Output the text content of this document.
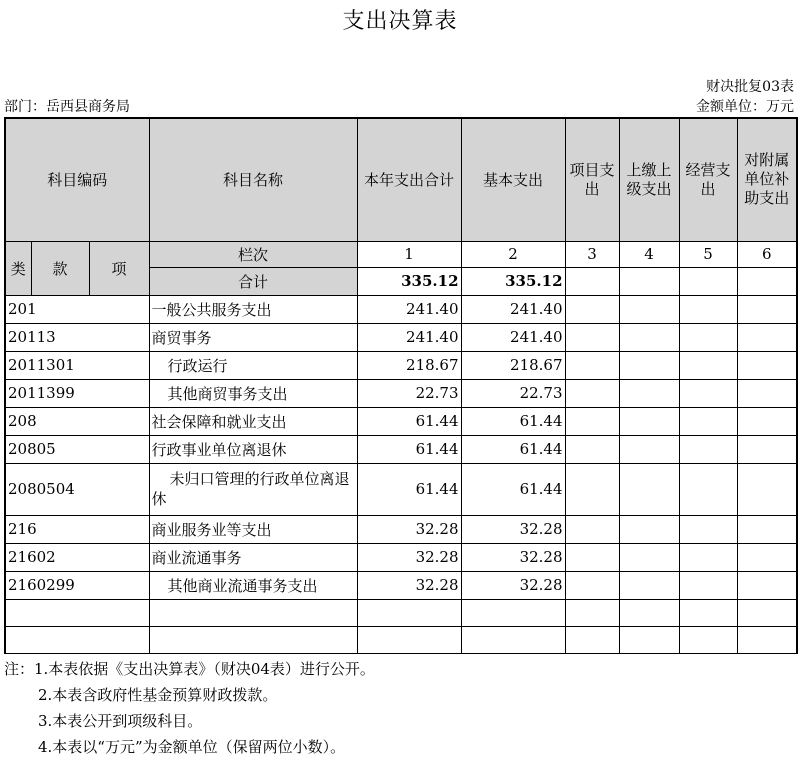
支出决算表
财决批复03表
部门：岳西县商务局	金额单位：万元
科目编码			科目名称	本年支出合计	基本支出	项目支出	上缴上级支出	经营支出	对附属单位补助支出
类	款	项	栏次	1	2	3	4	5	6
			合计	335.12	335.12				
201			一般公共服务支出	241.40	241.40				
20113			商贸事务	241.40	241.40				
2011301			行政运行	218.67	218.67				
2011399			其他商贸事务支出	22.73	22.73				
208			社会保障和就业支出	61.44	61.44				
20805			行政事业单位离退休	61.44	61.44				
2080504			未归口管理的行政单位离退休	61.44	61.44				
216			商业服务业等支出	32.28	32.28				
21602			商业流通事务	32.28	32.28				
2160299			其他商业流通事务支出	32.28	32.28				

注：1.本表依据《支出决算表》（财决04表）进行公开。
2.本表含政府性基金预算财政拨款。
3.本表公开到项级科目。
4.本表以“万元”为金额单位（保留两位小数）。
